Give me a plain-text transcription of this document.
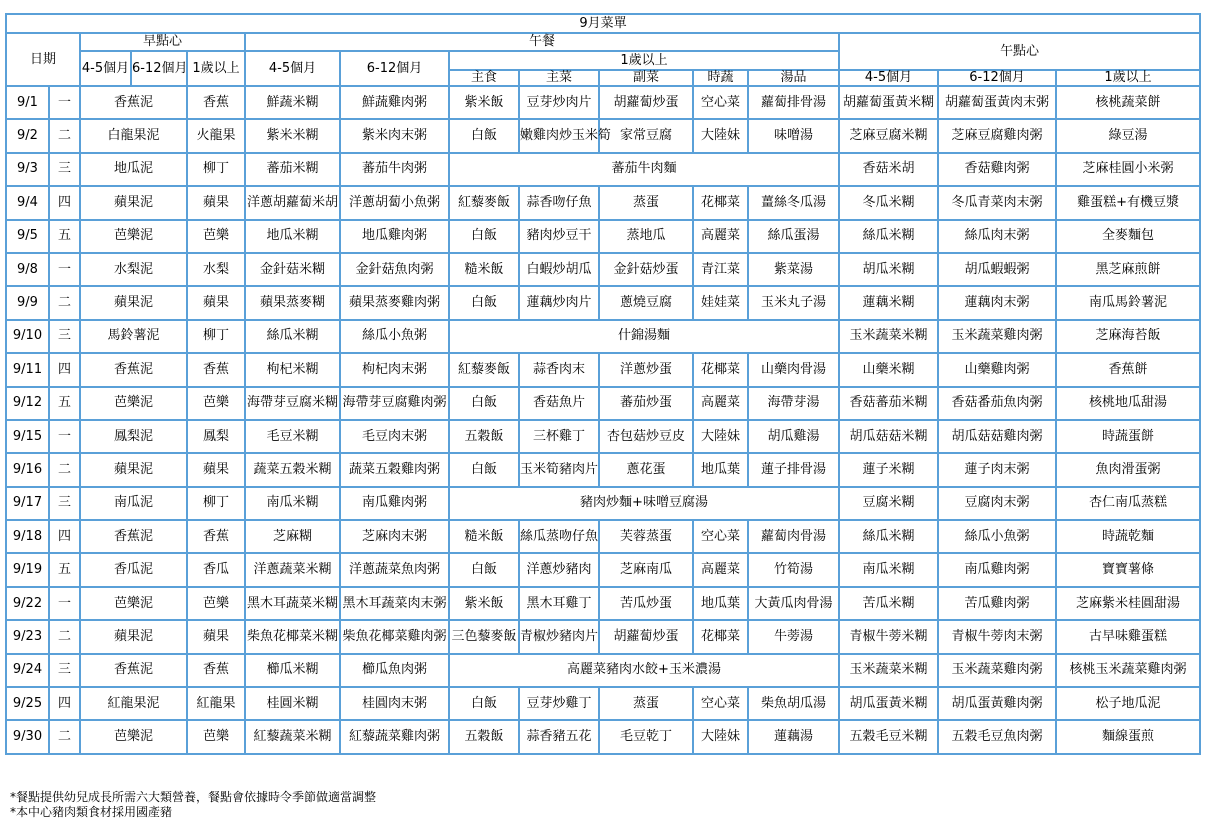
9月菜單														
日期		早點心			午餐							午點心		
		4-5個月	6-12個月	1歲以上	4-5個月	6-12個月	1歲以上							
							主食	主菜	副菜	時蔬	湯品	4-5個月	6-12個月	1歲以上
9/1	一	香蕉泥		香蕉	鮮蔬米糊	鮮蔬雞肉粥	紫米飯	豆芽炒肉片	胡蘿蔔炒蛋	空心菜	蘿蔔排骨湯	胡蘿蔔蛋黃米糊	胡蘿蔔蛋黃肉末粥	核桃蔬菜餅
9/2	二	白龍果泥		火龍果	紫米米糊	紫米肉末粥	白飯	嫩雞肉炒玉米筍	家常豆腐	大陸妹	味噌湯	芝麻豆腐米糊	芝麻豆腐雞肉粥	綠豆湯
9/3	三	地瓜泥		柳丁	蕃茄米糊	蕃茄牛肉粥	蕃茄牛肉麵					香菇米胡	香菇雞肉粥	芝麻桂圓小米粥
9/4	四	蘋果泥		蘋果	洋蔥胡蘿蔔米胡	洋蔥胡蔔小魚粥	紅藜麥飯	蒜香吻仔魚	蒸蛋	花椰菜	薑絲冬瓜湯	冬瓜米糊	冬瓜青菜肉末粥	雞蛋糕+有機豆漿
9/5	五	芭樂泥		芭樂	地瓜米糊	地瓜雞肉粥	白飯	豬肉炒豆干	蒸地瓜	高麗菜	絲瓜蛋湯	絲瓜米糊	絲瓜肉末粥	全麥麵包
9/8	一	水梨泥		水梨	金針菇米糊	金針菇魚肉粥	糙米飯	白蝦炒胡瓜	金針菇炒蛋	青江菜	紫菜湯	胡瓜米糊	胡瓜蝦蝦粥	黑芝麻煎餅
9/9	二	蘋果泥		蘋果	蘋果蒸麥糊	蘋果蒸麥雞肉粥	白飯	蓮藕炒肉片	蔥燒豆腐	娃娃菜	玉米丸子湯	蓮藕米糊	蓮藕肉末粥	南瓜馬鈴薯泥
9/10	三	馬鈴薯泥		柳丁	絲瓜米糊	絲瓜小魚粥	什錦湯麵					玉米蔬菜米糊	玉米蔬菜雞肉粥	芝麻海苔飯
9/11	四	香蕉泥		香蕉	枸杞米糊	枸杞肉末粥	紅藜麥飯	蒜香肉末	洋蔥炒蛋	花椰菜	山藥肉骨湯	山藥米糊	山藥雞肉粥	香蕉餅
9/12	五	芭樂泥		芭樂	海帶芽豆腐米糊	海帶芽豆腐雞肉粥	白飯	香菇魚片	蕃茄炒蛋	高麗菜	海帶芽湯	香菇蕃茄米糊	香菇番茄魚肉粥	核桃地瓜甜湯
9/15	一	鳳梨泥		鳳梨	毛豆米糊	毛豆肉末粥	五穀飯	三杯雞丁	杏包菇炒豆皮	大陸妹	胡瓜雞湯	胡瓜菇菇米糊	胡瓜菇菇雞肉粥	時蔬蛋餅
9/16	二	蘋果泥		蘋果	蔬菜五穀米糊	蔬菜五穀雞肉粥	白飯	玉米筍豬肉片	蔥花蛋	地瓜葉	蓮子排骨湯	蓮子米糊	蓮子肉末粥	魚肉滑蛋粥
9/17	三	南瓜泥		柳丁	南瓜米糊	南瓜雞肉粥	豬肉炒麵+味噌豆腐湯					豆腐米糊	豆腐肉末粥	杏仁南瓜蒸糕
9/18	四	香蕉泥		香蕉	芝麻糊	芝麻肉末粥	糙米飯	絲瓜蒸吻仔魚	芙蓉蒸蛋	空心菜	蘿蔔肉骨湯	絲瓜米糊	絲瓜小魚粥	時蔬乾麵
9/19	五	香瓜泥		香瓜	洋蔥蔬菜米糊	洋蔥蔬菜魚肉粥	白飯	洋蔥炒豬肉	芝麻南瓜	高麗菜	竹筍湯	南瓜米糊	南瓜雞肉粥	寶寶薯條
9/22	一	芭樂泥		芭樂	黑木耳蔬菜米糊	黑木耳蔬菜肉末粥	紫米飯	黑木耳雞丁	苦瓜炒蛋	地瓜葉	大黃瓜肉骨湯	苦瓜米糊	苦瓜雞肉粥	芝麻紫米桂圓甜湯
9/23	二	蘋果泥		蘋果	柴魚花椰菜米糊	柴魚花椰菜雞肉粥	三色藜麥飯	青椒炒豬肉片	胡蘿蔔炒蛋	花椰菜	牛蒡湯	青椒牛蒡米糊	青椒牛蒡肉末粥	古早味雞蛋糕
9/24	三	香蕉泥		香蕉	櫛瓜米糊	櫛瓜魚肉粥	高麗菜豬肉水餃+玉米濃湯					玉米蔬菜米糊	玉米蔬菜雞肉粥	核桃玉米蔬菜雞肉粥
9/25	四	紅龍果泥		紅龍果	桂圓米糊	桂圓肉末粥	白飯	豆芽炒雞丁	蒸蛋	空心菜	柴魚胡瓜湯	胡瓜蛋黃米糊	胡瓜蛋黃雞肉粥	松子地瓜泥
9/30	二	芭樂泥		芭樂	紅藜蔬菜米糊	紅藜蔬菜雞肉粥	五穀飯	蒜香豬五花	毛豆乾丁	大陸妹	蓮藕湯	五穀毛豆米糊	五穀毛豆魚肉粥	麵線蛋煎
*餐點提供幼兒成長所需六大類營養，餐點會依據時令季節做適當調整
*本中心豬肉類食材採用國產豬
